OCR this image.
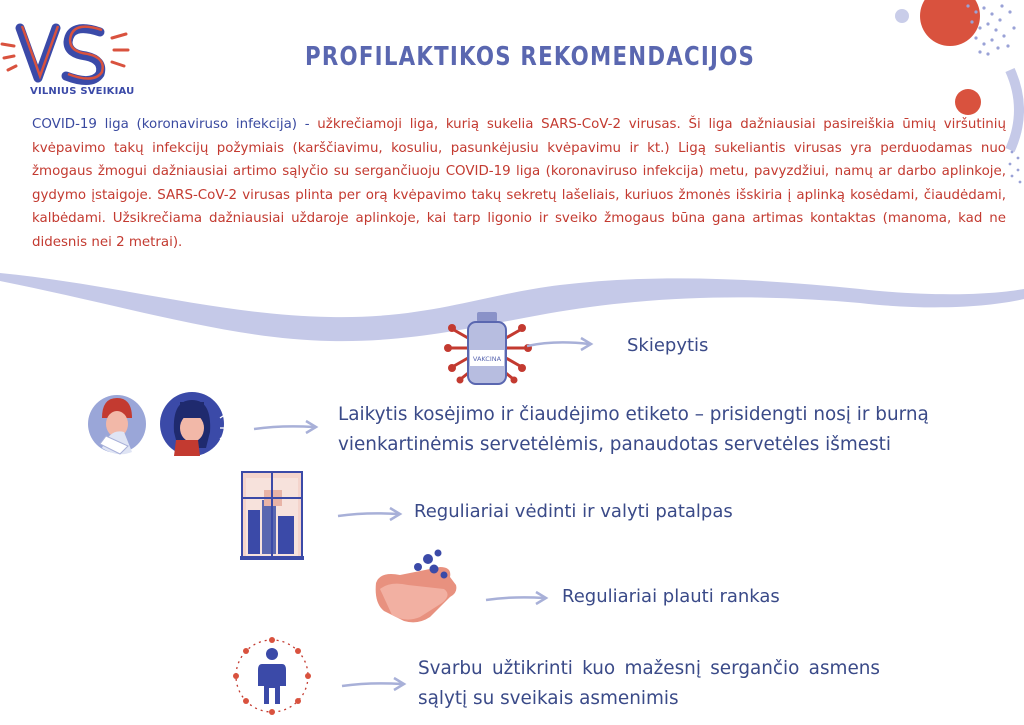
VILNIUS SVEIKIAU
PROFILAKTIKOS REKOMENDACIJOS
COVID-19 liga (koronaviruso infekcija) - užkrečiamoji liga, kurią sukelia SARS-CoV-2 virusas. Ši liga dažniausiai pasireiškia ūmių viršutinių kvėpavimo takų infekcijų požymiais (karščiavimu, kosuliu, pasunkėjusiu kvėpavimu ir kt.) Ligą sukeliantis virusas yra perduodamas nuo žmogaus žmogui dažniausiai artimo sąlyčio su sergančiuoju COVID-19 liga (koronaviruso infekcija) metu, pavyzdžiui, namų ar darbo aplinkoje, gydymo įstaigoje. SARS-CoV-2 virusas plinta per orą kvėpavimo takų sekretų lašeliais, kuriuos žmonės išskiria į aplinką kosėdami, čiaudėdami, kalbėdami. Užsikrečiama dažniausiai uždaroje aplinkoje, kai tarp ligonio ir sveiko žmogaus būna gana artimas kontaktas (manoma, kad ne didesnis nei 2 metrai).
VAKCINA
Skiepytis
Laikytis kosėjimo ir čiaudėjimo etiketo – prisidengti nosį ir burną vienkartinėmis servetėlėmis, panaudotas servetėles išmesti
Reguliariai vėdinti ir valyti patalpas
Reguliariai plauti rankas
Svarbu užtikrinti kuo mažesnį sergančio asmens sąlytį su sveikais asmenimis
